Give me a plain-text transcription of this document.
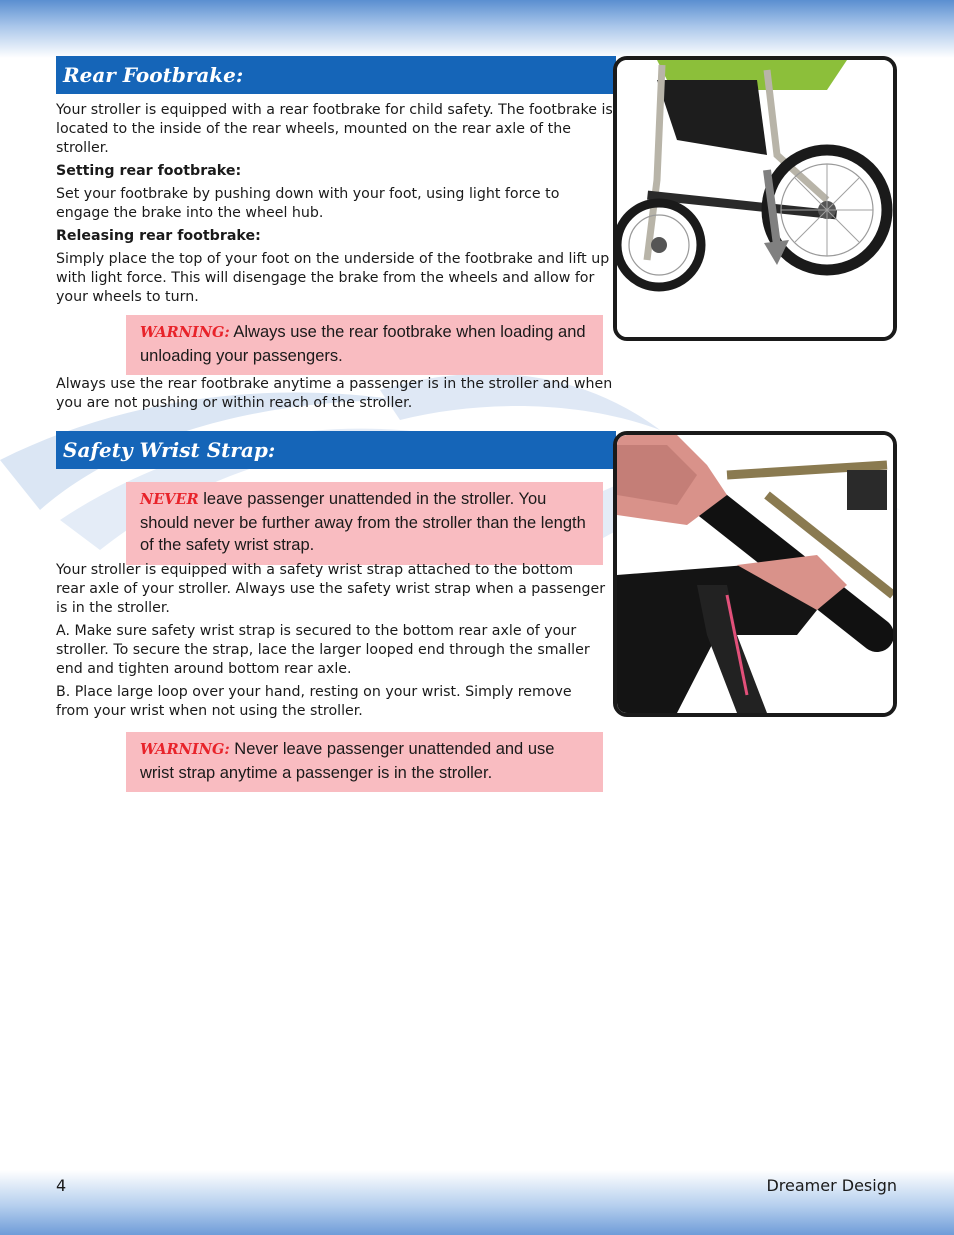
Rear Footbrake:

Your stroller is equipped with a rear footbrake for child safety. The footbrake is located to the inside of the rear wheels, mounted on the rear axle of the stroller.

Setting rear footbrake:

Set your footbrake by pushing down with your foot, using light force to engage the brake into the wheel hub.

Releasing rear footbrake:

Simply place the top of your foot on the underside of the footbrake and lift up with light force. This will disengage the brake from the wheels and allow for your wheels to turn.

WARNING: Always use the rear footbrake when loading and unloading your passengers.

Always use the rear footbrake anytime a passenger is in the stroller and when you are not pushing or within reach of the stroller.

Safety Wrist Strap:
NEVER leave passenger unattended in the stroller. You should never be further away from the stroller than the length of the safety wrist strap.

Your stroller is equipped with a safety wrist strap attached to the bottom rear axle of your stroller. Always use the safety wrist strap when a passenger is in the stroller.

A. Make sure safety wrist strap is secured to the bottom rear axle of your stroller. To secure the strap, lace the larger looped end through the smaller end and tighten around bottom rear axle.

B. Place large loop over your hand, resting on your wrist. Simply remove from your wrist when not using the stroller.

WARNING: Never leave passenger unattended and use wrist strap anytime a passenger is in the stroller.
4	Dreamer Design
